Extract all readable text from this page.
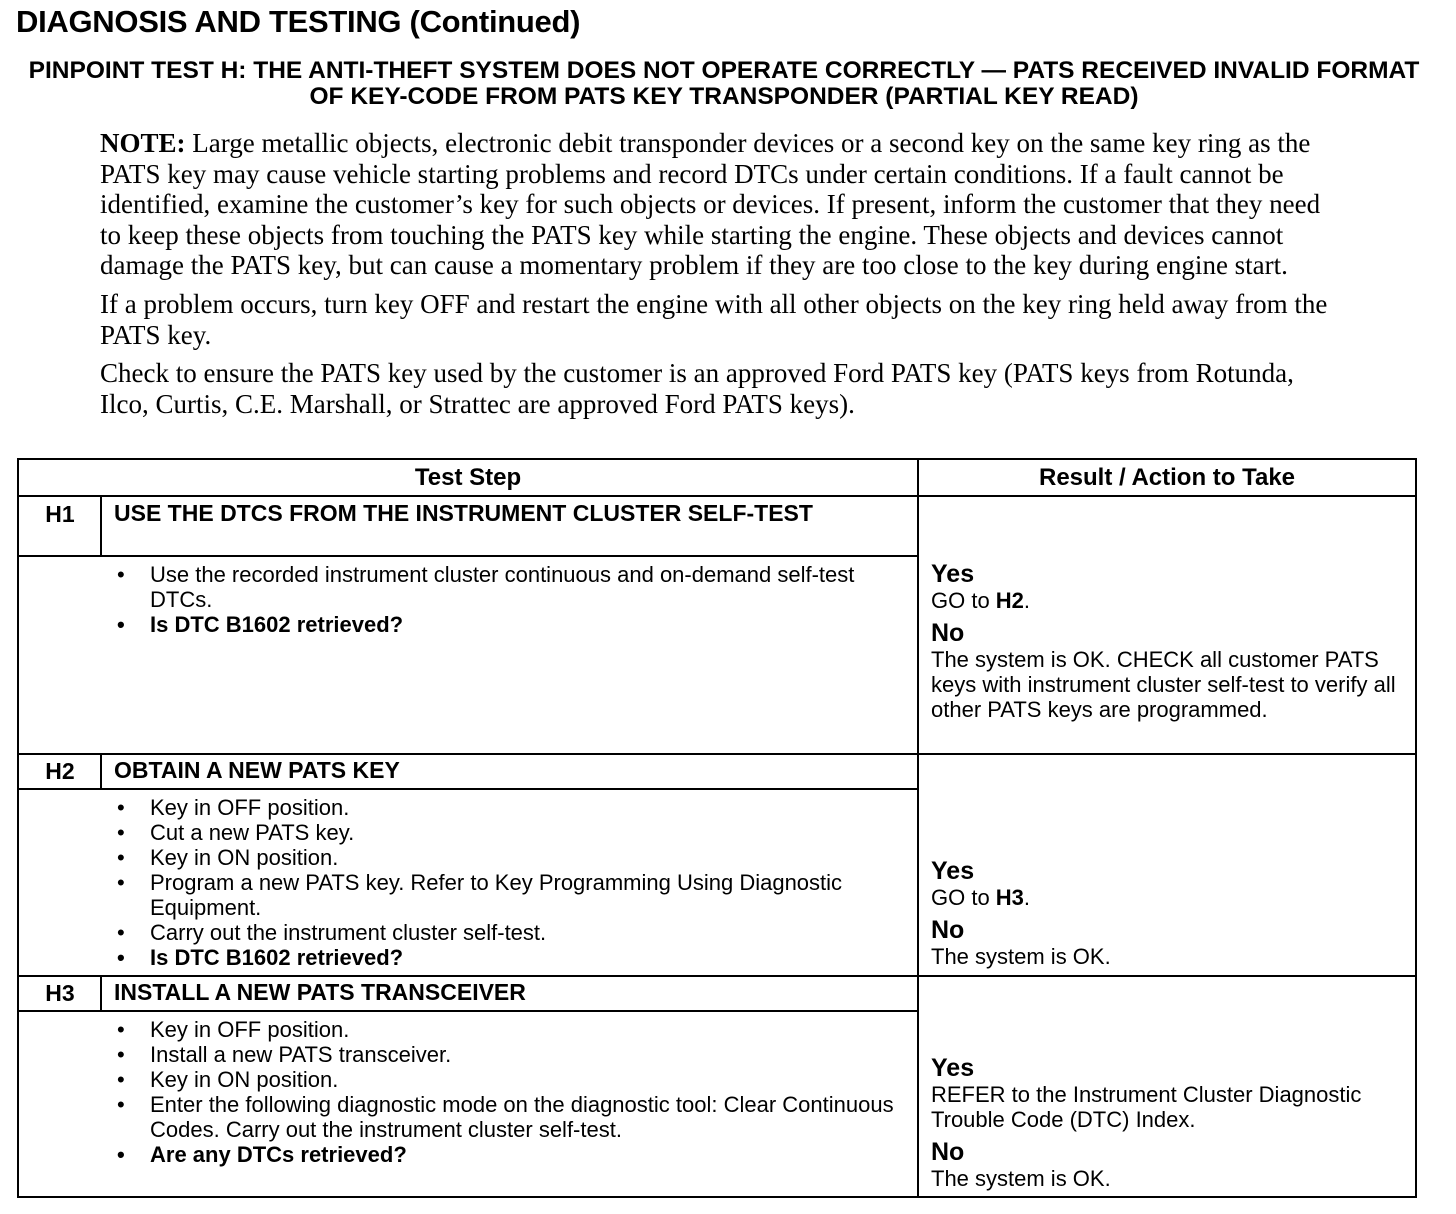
DIAGNOSIS AND TESTING (Continued)
PINPOINT TEST H: THE ANTI-THEFT SYSTEM DOES NOT OPERATE CORRECTLY — PATS RECEIVED INVALID FORMAT OF KEY-CODE FROM PATS KEY TRANSPONDER (PARTIAL KEY READ)

NOTE: Large metallic objects, electronic debit transponder devices or a second key on the same key ring as the PATS key may cause vehicle starting problems and record DTCs under certain conditions. If a fault cannot be identified, examine the customer’s key for such objects or devices. If present, inform the customer that they need to keep these objects from touching the PATS key while starting the engine. These objects and devices cannot damage the PATS key, but can cause a momentary problem if they are too close to the key during engine start.

If a problem occurs, turn key OFF and restart the engine with all other objects on the key ring held away from the PATS key.

Check to ensure the PATS key used by the customer is an approved Ford PATS key (PATS keys from Rotunda, Ilco, Curtis, C.E. Marshall, or Strattec are approved Ford PATS keys).

Test Step	Result / Action to Take
H1	USE THE DTCS FROM THE INSTRUMENT CLUSTER SELF-TEST
• Use the recorded instrument cluster continuous and on-demand self-test DTCs.
• Is DTC B1602 retrieved?
Yes
GO to H2.
No
The system is OK. CHECK all customer PATS keys with instrument cluster self-test to verify all other PATS keys are programmed.
H2	OBTAIN A NEW PATS KEY
• Key in OFF position.
• Cut a new PATS key.
• Key in ON position.
• Program a new PATS key. Refer to Key Programming Using Diagnostic Equipment.
• Carry out the instrument cluster self-test.
• Is DTC B1602 retrieved?
Yes
GO to H3.
No
The system is OK.
H3	INSTALL A NEW PATS TRANSCEIVER
• Key in OFF position.
• Install a new PATS transceiver.
• Key in ON position.
• Enter the following diagnostic mode on the diagnostic tool: Clear Continuous Codes. Carry out the instrument cluster self-test.
• Are any DTCs retrieved?
Yes
REFER to the Instrument Cluster Diagnostic Trouble Code (DTC) Index.
No
The system is OK.
